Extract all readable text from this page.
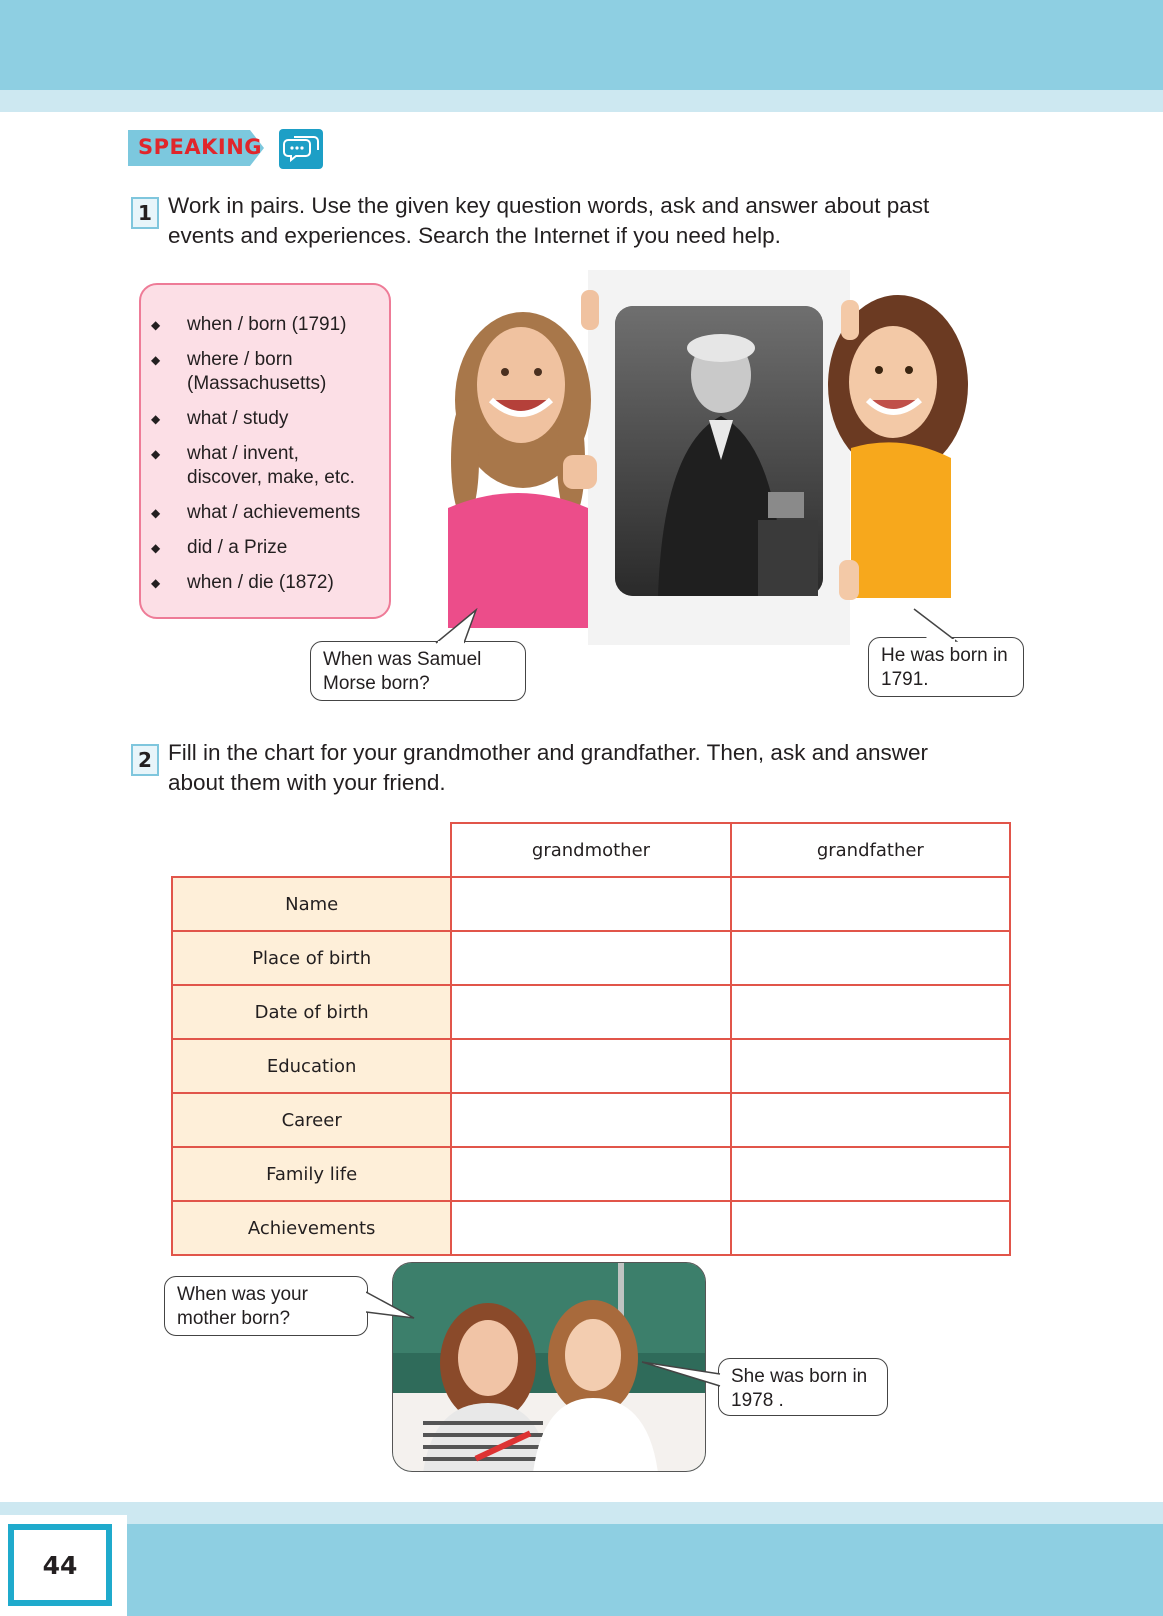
SPEAKING
1 Work in pairs. Use the given key question words, ask and answer about past
events and experiences. Search the Internet if you need help.
◆ when / born (1791)
◆ where / born
(Massachusetts)
◆ what / study
◆ what / invent,
discover, make, etc.
◆ what / achievements
◆ did / a Prize
◆ when / die (1872)
When was Samuel
Morse born?
He was born in
1791.
2 Fill in the chart for your grandmother and grandfather. Then, ask and answer
about them with your friend.
	grandmother	grandfather
Name		
Place of birth		
Date of birth		
Education		
Career		
Family life		
Achievements		
When was your
mother born?
She was born in
1978 .
44
